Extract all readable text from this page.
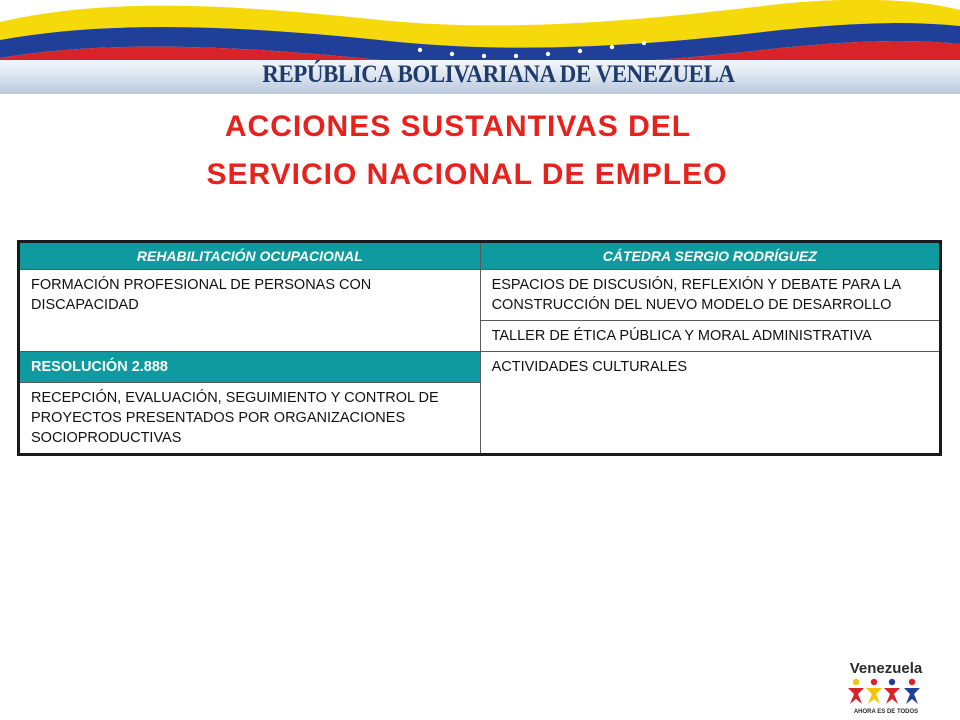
REPÚBLICA BOLIVARIANA DE VENEZUELA
ACCIONES SUSTANTIVAS DEL
SERVICIO NACIONAL DE EMPLEO
REHABILITACIÓN OCUPACIONAL	CÁTEDRA SERGIO RODRÍGUEZ
FORMACIÓN PROFESIONAL DE PERSONAS CON DISCAPACIDAD	ESPACIOS DE DISCUSIÓN, REFLEXIÓN Y DEBATE PARA LA CONSTRUCCIÓN DEL NUEVO MODELO DE DESARROLLO
	TALLER DE ÉTICA PÚBLICA Y MORAL ADMINISTRATIVA
RESOLUCIÓN 2.888	ACTIVIDADES CULTURALES
RECEPCIÓN, EVALUACIÓN, SEGUIMIENTO Y CONTROL DE PROYECTOS PRESENTADOS POR ORGANIZACIONES SOCIOPRODUCTIVAS	
Venezuela
AHORA ES DE TODOS
